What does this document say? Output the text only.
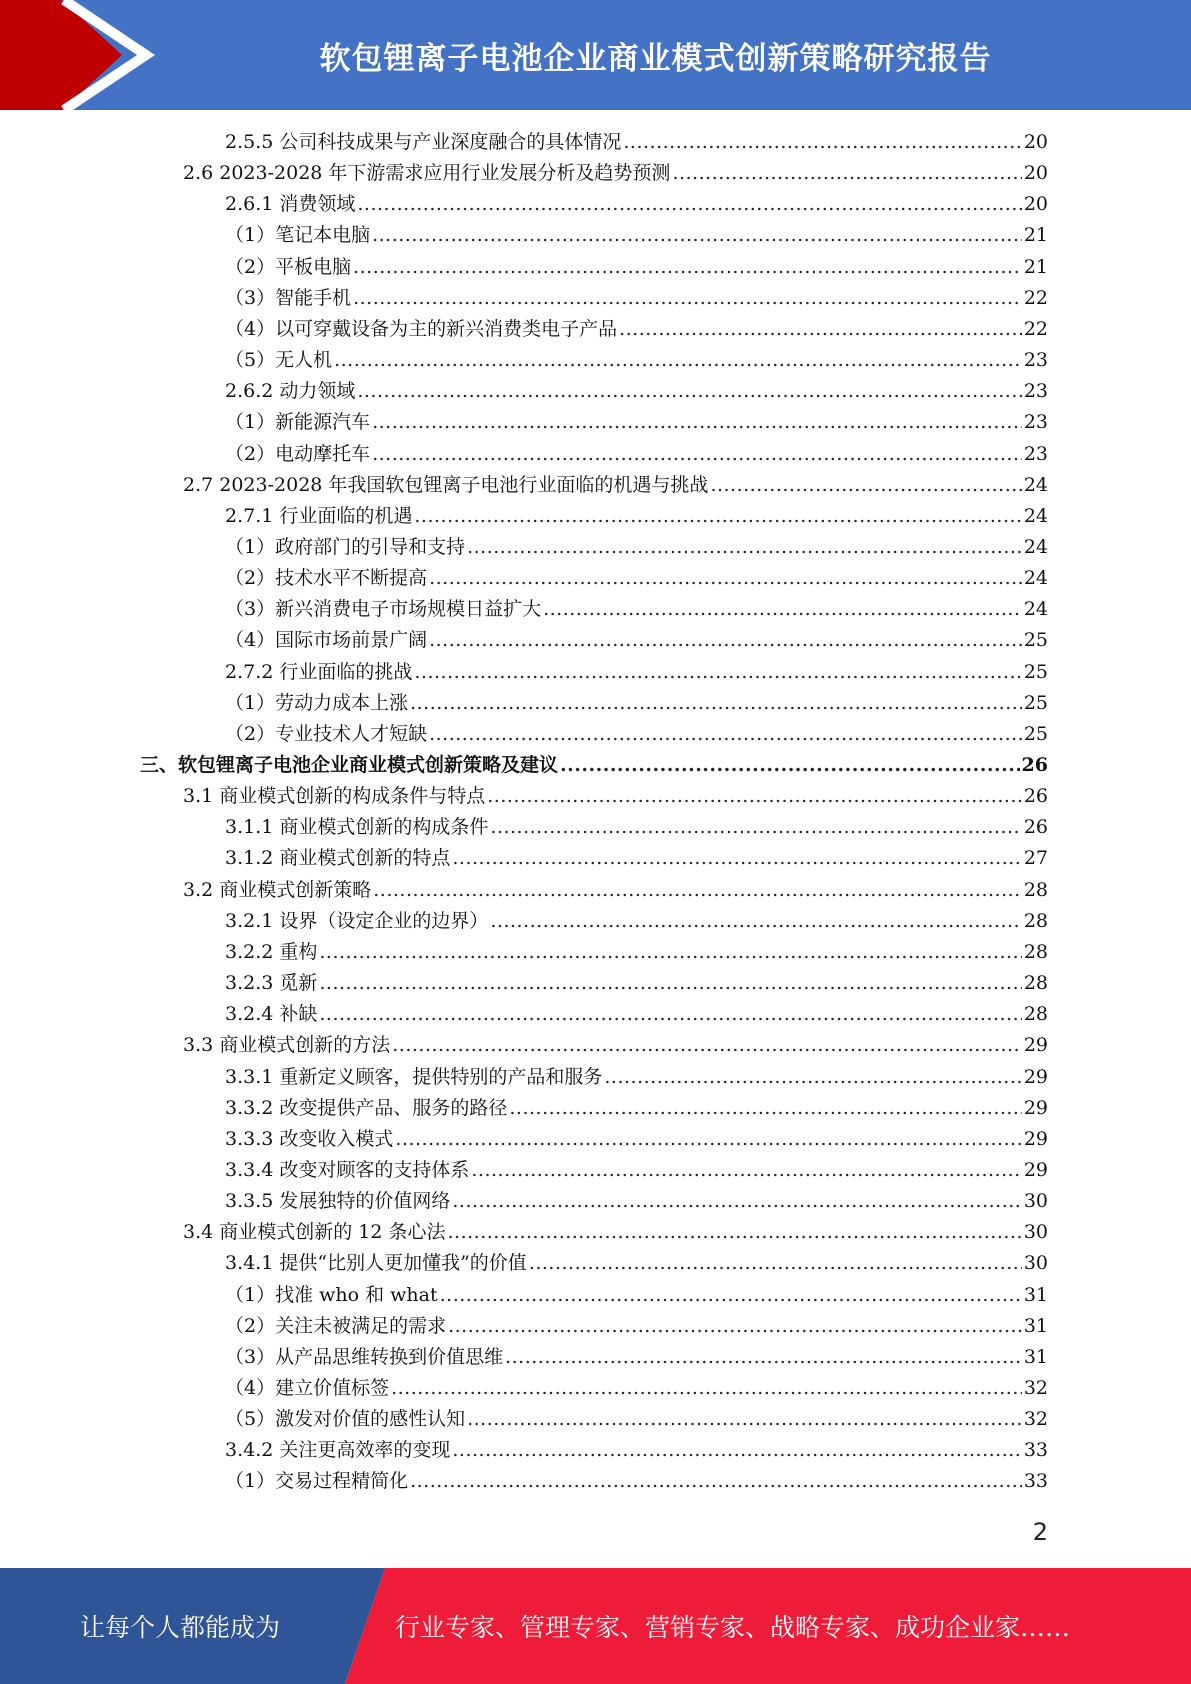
软包锂离子电池企业商业模式创新策略研究报告
2.5.5 公司科技成果与产业深度融合的具体情况 .....	20
2.6 2023-2028 年下游需求应用行业发展分析及趋势预测 .....	20
2.6.1 消费领域 .....	20
（1）笔记本电脑 .....	21
（2）平板电脑 .....	21
（3）智能手机 .....	22
（4）以可穿戴设备为主的新兴消费类电子产品 .....	22
（5）无人机 .....	23
2.6.2 动力领域 .....	23
（1）新能源汽车 .....	23
（2）电动摩托车 .....	23
2.7 2023-2028 年我国软包锂离子电池行业面临的机遇与挑战 .....	24
2.7.1 行业面临的机遇 .....	24
（1）政府部门的引导和支持 .....	24
（2）技术水平不断提高 .....	24
（3）新兴消费电子市场规模日益扩大 .....	24
（4）国际市场前景广阔 .....	25
2.7.2 行业面临的挑战 .....	25
（1）劳动力成本上涨 .....	25
（2）专业技术人才短缺 .....	25
三、软包锂离子电池企业商业模式创新策略及建议 .....	26
3.1 商业模式创新的构成条件与特点 .....	26
3.1.1 商业模式创新的构成条件 .....	26
3.1.2 商业模式创新的特点 .....	27
3.2 商业模式创新策略 .....	28
3.2.1 设界（设定企业的边界） .....	28
3.2.2 重构 .....	28
3.2.3 觅新 .....	28
3.2.4 补缺 .....	28
3.3 商业模式创新的方法 .....	29
3.3.1 重新定义顾客，提供特别的产品和服务 .....	29
3.3.2 改变提供产品、服务的路径 .....	29
3.3.3 改变收入模式 .....	29
3.3.4 改变对顾客的支持体系 .....	29
3.3.5 发展独特的价值网络 .....	30
3.4 商业模式创新的 12 条心法 .....	30
3.4.1 提供“比别人更加懂我”的价值 .....	30
（1）找准 who 和 what .....	31
（2）关注未被满足的需求 .....	31
（3）从产品思维转换到价值思维 .....	31
（4）建立价值标签 .....	32
（5）激发对价值的感性认知 .....	32
3.4.2 关注更高效率的变现 .....	33
（1）交易过程精简化 .....	33
2
让每个人都能成为	行业专家、管理专家、营销专家、战略专家、成功企业家……
